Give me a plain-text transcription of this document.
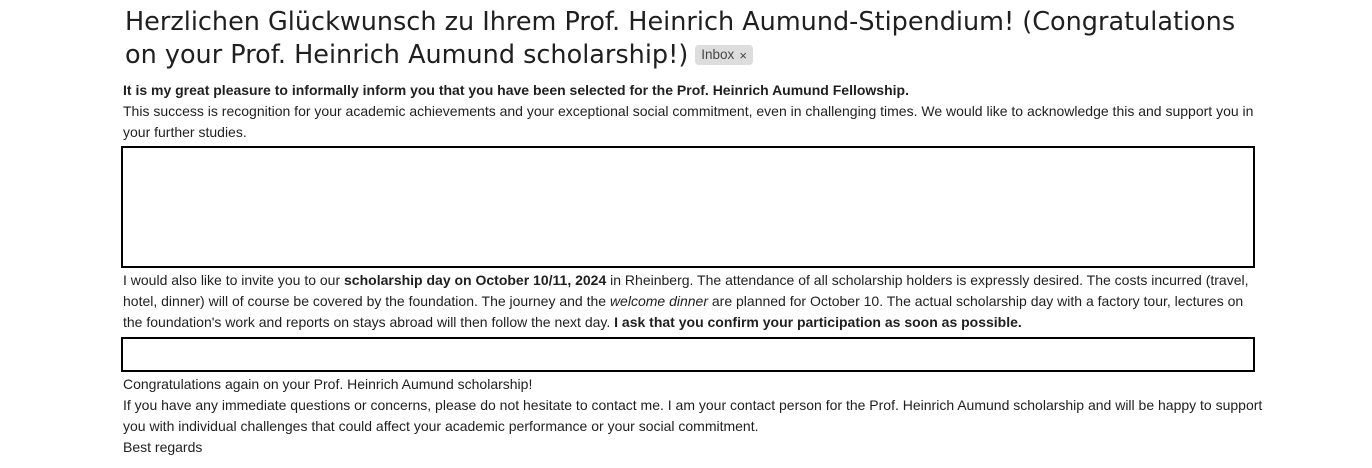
Herzlichen Glückwunsch zu Ihrem Prof. Heinrich Aumund-Stipendium! (Congratulations on your Prof. Heinrich Aumund scholarship!) Inbox ×
It is my great pleasure to informally inform you that you have been selected for the Prof. Heinrich Aumund Fellowship.
This success is recognition for your academic achievements and your exceptional social commitment, even in challenging times. We would like to acknowledge this and support you in your further studies.
I would also like to invite you to our scholarship day on October 10/11, 2024 in Rheinberg. The attendance of all scholarship holders is expressly desired. The costs incurred (travel, hotel, dinner) will of course be covered by the foundation. The journey and the welcome dinner are planned for October 10. The actual scholarship day with a factory tour, lectures on the foundation's work and reports on stays abroad will then follow the next day. I ask that you confirm your participation as soon as possible.
Congratulations again on your Prof. Heinrich Aumund scholarship!
If you have any immediate questions or concerns, please do not hesitate to contact me. I am your contact person for the Prof. Heinrich Aumund scholarship and will be happy to support you with individual challenges that could affect your academic performance or your social commitment.
Best regards
